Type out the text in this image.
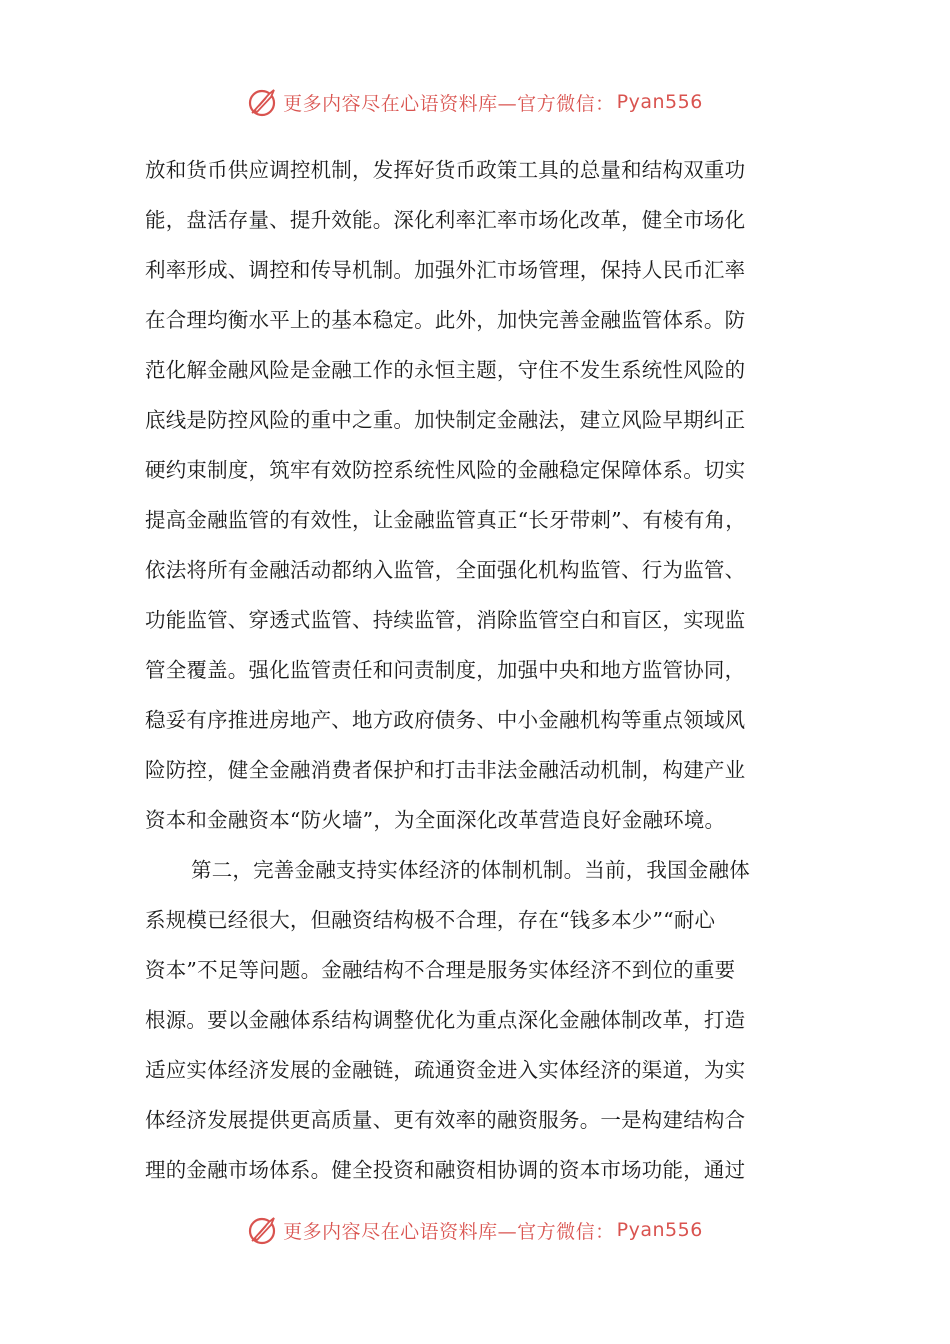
更多内容尽在心语资料库—官方微信： Pyan556
放和货币供应调控机制，发挥好货币政策工具的总量和结构双重功
能，盘活存量、提升效能。深化利率汇率市场化改革，健全市场化
利率形成、调控和传导机制。加强外汇市场管理，保持人民币汇率
在合理均衡水平上的基本稳定。此外，加快完善金融监管体系。防
范化解金融风险是金融工作的永恒主题，守住不发生系统性风险的
底线是防控风险的重中之重。加快制定金融法，建立风险早期纠正
硬约束制度，筑牢有效防控系统性风险的金融稳定保障体系。切实
提高金融监管的有效性，让金融监管真正“长牙带刺”、有棱有角，
依法将所有金融活动都纳入监管，全面强化机构监管、行为监管、
功能监管、穿透式监管、持续监管，消除监管空白和盲区，实现监
管全覆盖。强化监管责任和问责制度，加强中央和地方监管协同，
稳妥有序推进房地产、地方政府债务、中小金融机构等重点领域风
险防控，健全金融消费者保护和打击非法金融活动机制，构建产业
资本和金融资本“防火墙”，为全面深化改革营造良好金融环境。
第二，完善金融支持实体经济的体制机制。当前，我国金融体
系规模已经很大，但融资结构极不合理，存在“钱多本少”“耐心
资本”不足等问题。金融结构不合理是服务实体经济不到位的重要
根源。要以金融体系结构调整优化为重点深化金融体制改革，打造
适应实体经济发展的金融链，疏通资金进入实体经济的渠道，为实
体经济发展提供更高质量、更有效率的融资服务。一是构建结构合
理的金融市场体系。健全投资和融资相协调的资本市场功能，通过
更多内容尽在心语资料库—官方微信： Pyan556
